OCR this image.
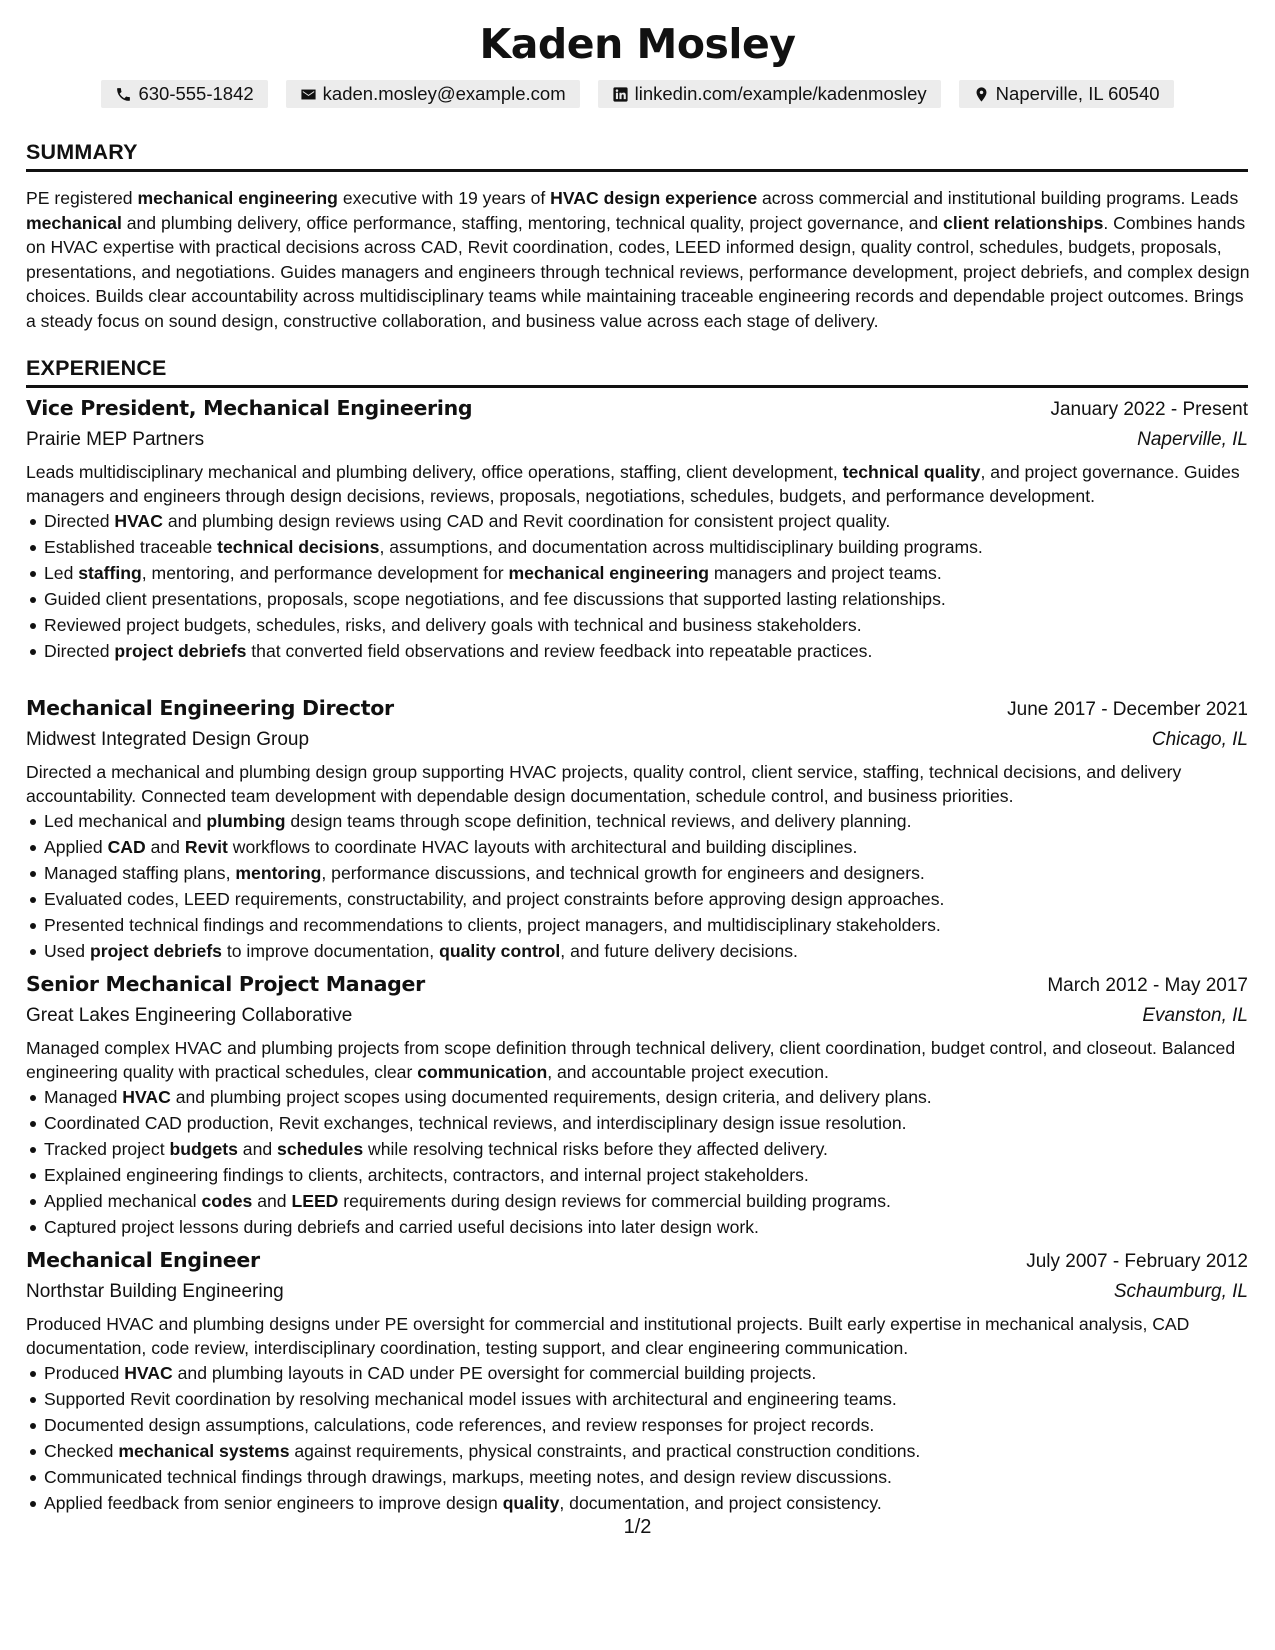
Kaden Mosley
630-555-1842	kaden.mosley@example.com	linkedin.com/example/kadenmosley	Naperville, IL 60540
SUMMARY
PE registered mechanical engineering executive with 19 years of HVAC design experience across commercial and institutional building programs. Leads mechanical and plumbing delivery, office performance, staffing, mentoring, technical quality, project governance, and client relationships. Combines hands on HVAC expertise with practical decisions across CAD, Revit coordination, codes, LEED informed design, quality control, schedules, budgets, proposals, presentations, and negotiations. Guides managers and engineers through technical reviews, performance development, project debriefs, and complex design choices. Builds clear accountability across multidisciplinary teams while maintaining traceable engineering records and dependable project outcomes. Brings a steady focus on sound design, constructive collaboration, and business value across each stage of delivery.
EXPERIENCE
Vice President, Mechanical Engineering	January 2022 - Present
Prairie MEP Partners	Naperville, IL
Leads multidisciplinary mechanical and plumbing delivery, office operations, staffing, client development, technical quality, and project governance. Guides managers and engineers through design decisions, reviews, proposals, negotiations, schedules, budgets, and performance development.
Directed HVAC and plumbing design reviews using CAD and Revit coordination for consistent project quality.
Established traceable technical decisions, assumptions, and documentation across multidisciplinary building programs.
Led staffing, mentoring, and performance development for mechanical engineering managers and project teams.
Guided client presentations, proposals, scope negotiations, and fee discussions that supported lasting relationships.
Reviewed project budgets, schedules, risks, and delivery goals with technical and business stakeholders.
Directed project debriefs that converted field observations and review feedback into repeatable practices.
Mechanical Engineering Director	June 2017 - December 2021
Midwest Integrated Design Group	Chicago, IL
Directed a mechanical and plumbing design group supporting HVAC projects, quality control, client service, staffing, technical decisions, and delivery accountability. Connected team development with dependable design documentation, schedule control, and business priorities.
Led mechanical and plumbing design teams through scope definition, technical reviews, and delivery planning.
Applied CAD and Revit workflows to coordinate HVAC layouts with architectural and building disciplines.
Managed staffing plans, mentoring, performance discussions, and technical growth for engineers and designers.
Evaluated codes, LEED requirements, constructability, and project constraints before approving design approaches.
Presented technical findings and recommendations to clients, project managers, and multidisciplinary stakeholders.
Used project debriefs to improve documentation, quality control, and future delivery decisions.
Senior Mechanical Project Manager	March 2012 - May 2017
Great Lakes Engineering Collaborative	Evanston, IL
Managed complex HVAC and plumbing projects from scope definition through technical delivery, client coordination, budget control, and closeout. Balanced engineering quality with practical schedules, clear communication, and accountable project execution.
Managed HVAC and plumbing project scopes using documented requirements, design criteria, and delivery plans.
Coordinated CAD production, Revit exchanges, technical reviews, and interdisciplinary design issue resolution.
Tracked project budgets and schedules while resolving technical risks before they affected delivery.
Explained engineering findings to clients, architects, contractors, and internal project stakeholders.
Applied mechanical codes and LEED requirements during design reviews for commercial building programs.
Captured project lessons during debriefs and carried useful decisions into later design work.
Mechanical Engineer	July 2007 - February 2012
Northstar Building Engineering	Schaumburg, IL
Produced HVAC and plumbing designs under PE oversight for commercial and institutional projects. Built early expertise in mechanical analysis, CAD documentation, code review, interdisciplinary coordination, testing support, and clear engineering communication.
Produced HVAC and plumbing layouts in CAD under PE oversight for commercial building projects.
Supported Revit coordination by resolving mechanical model issues with architectural and engineering teams.
Documented design assumptions, calculations, code references, and review responses for project records.
Checked mechanical systems against requirements, physical constraints, and practical construction conditions.
Communicated technical findings through drawings, markups, meeting notes, and design review discussions.
Applied feedback from senior engineers to improve design quality, documentation, and project consistency.
1/2
